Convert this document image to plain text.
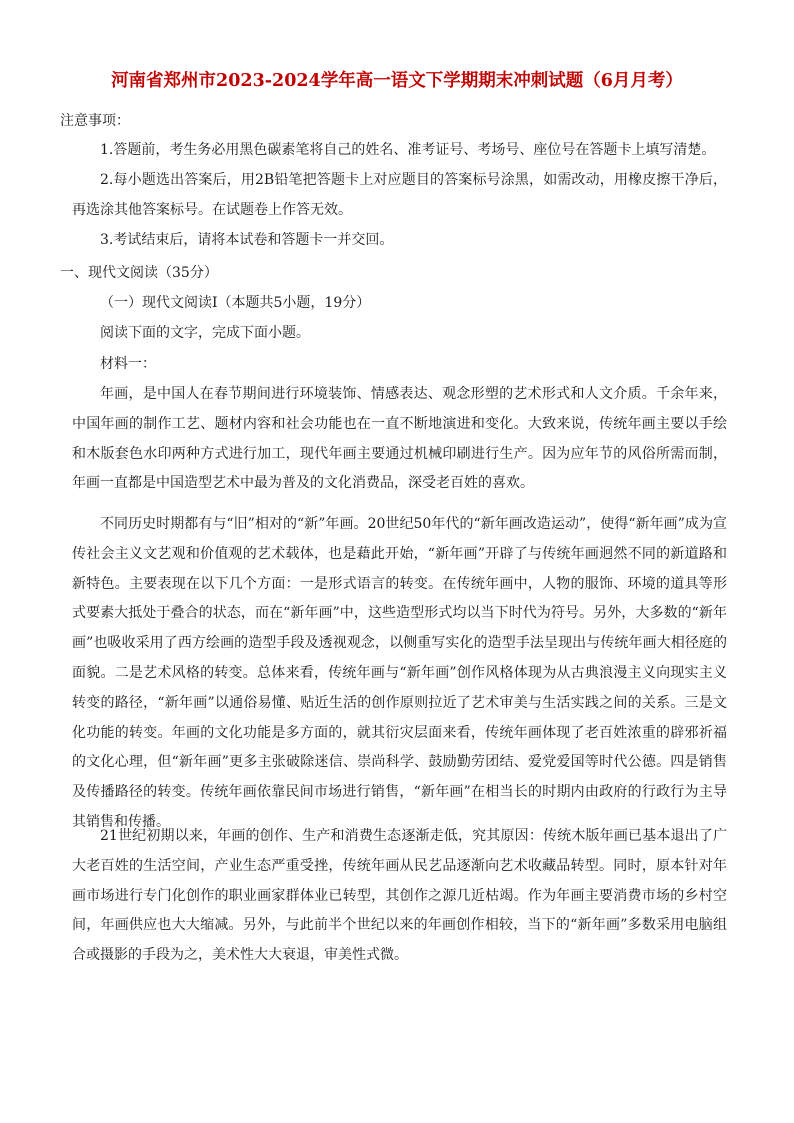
河南省郑州市2023-2024学年高一语文下学期期末冲刺试题（6月月考）
注意事项：

1.答题前，考生务必用黑色碳素笔将自己的姓名、准考证号、考场号、座位号在答题卡上填写清楚。

2.每小题选出答案后，用2B铅笔把答题卡上对应题目的答案标号涂黑，如需改动，用橡皮擦干净后，再选涂其他答案标号。在试题卷上作答无效。

3.考试结束后，请将本试卷和答题卡一并交回。

一、现代文阅读（35分）
（一）现代文阅读Ⅰ（本题共5小题，19分）
阅读下面的文字，完成下面小题。
材料一：

年画，是中国人在春节期间进行环境装饰、情感表达、观念形塑的艺术形式和人文介质。千余年来，中国年画的制作工艺、题材内容和社会功能也在一直不断地演进和变化。大致来说，传统年画主要以手绘和木版套色水印两种方式进行加工，现代年画主要通过机械印刷进行生产。因为应年节的风俗所需而制，年画一直都是中国造型艺术中最为普及的文化消费品，深受老百姓的喜欢。

不同历史时期都有与“旧”相对的“新”年画。20世纪50年代的“新年画改造运动”，使得“新年画”成为宣传社会主义文艺观和价值观的艺术载体，也是藉此开始，“新年画”开辟了与传统年画迥然不同的新道路和新特色。主要表现在以下几个方面：一是形式语言的转变。在传统年画中，人物的服饰、环境的道具等形式要素大抵处于叠合的状态，而在“新年画”中，这些造型形式均以当下时代为符号。另外，大多数的“新年画”也吸收采用了西方绘画的造型手段及透视观念，以侧重写实化的造型手法呈现出与传统年画大相径庭的面貌。二是艺术风格的转变。总体来看，传统年画与“新年画”创作风格体现为从古典浪漫主义向现实主义转变的路径，“新年画”以通俗易懂、贴近生活的创作原则拉近了艺术审美与生活实践之间的关系。三是文化功能的转变。年画的文化功能是多方面的，就其衍灾层面来看，传统年画体现了老百姓浓重的辟邪祈福的文化心理，但“新年画”更多主张破除迷信、崇尚科学、鼓励勤劳团结、爱党爱国等时代公德。四是销售及传播路径的转变。传统年画依靠民间市场进行销售，“新年画”在相当长的时期内由政府的行政行为主导其销售和传播。

21世纪初期以来，年画的创作、生产和消费生态逐渐走低，究其原因：传统木版年画已基本退出了广大老百姓的生活空间，产业生态严重受挫，传统年画从民艺品逐渐向艺术收藏品转型。同时，原本针对年画市场进行专门化创作的职业画家群体业已转型，其创作之源几近枯竭。作为年画主要消费市场的乡村空间，年画供应也大大缩减。另外，与此前半个世纪以来的年画创作相较，当下的“新年画”多数采用电脑组合或摄影的手段为之，美术性大大衰退，审美性式微。
